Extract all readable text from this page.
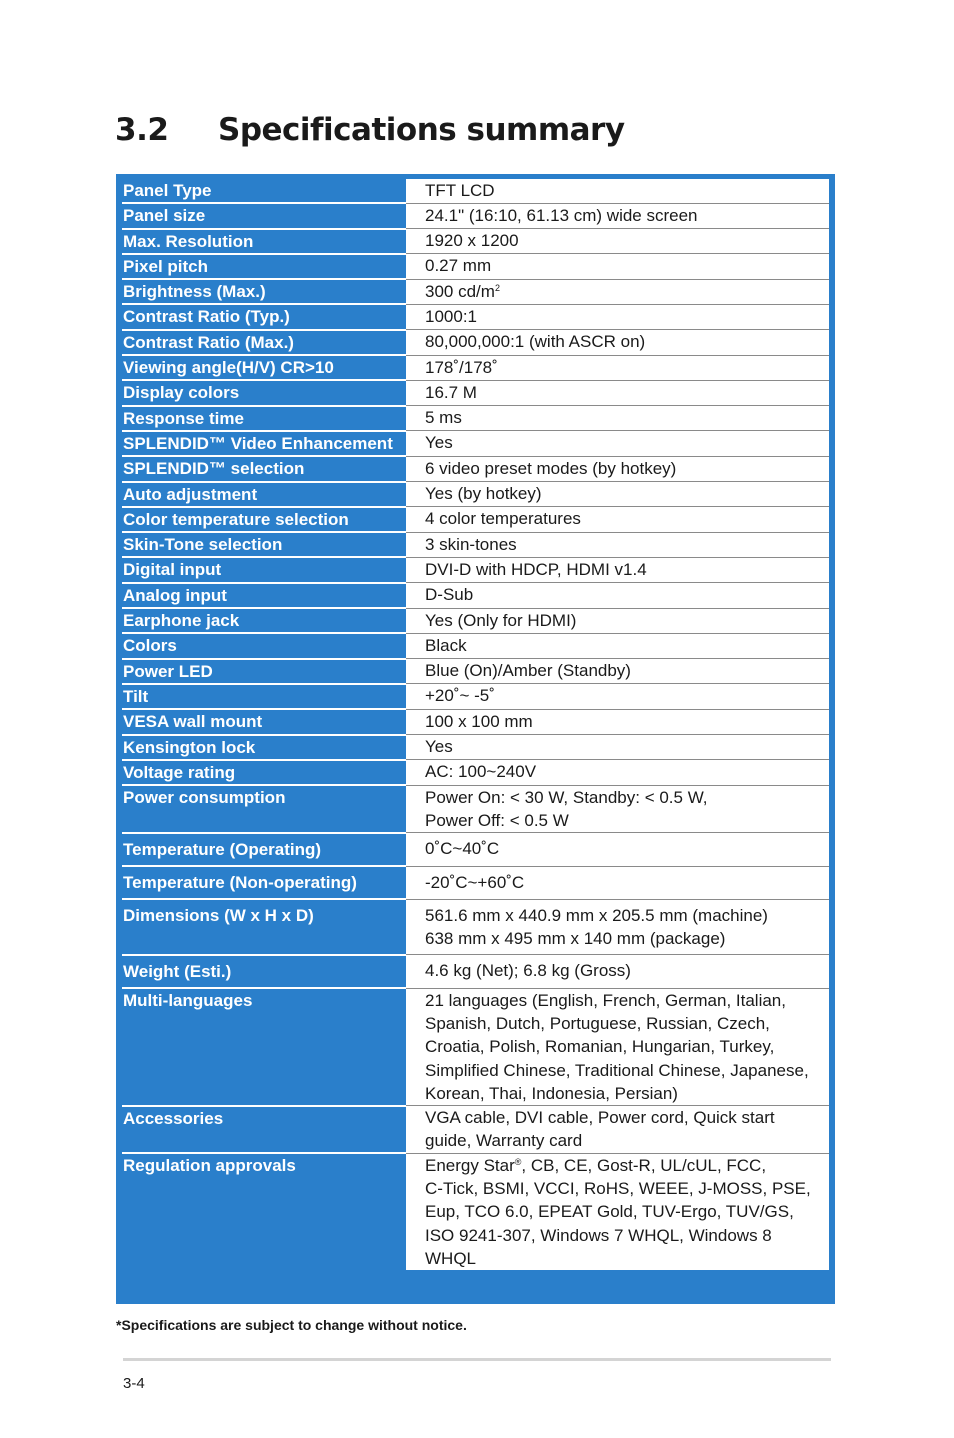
3.2 Specifications summary
Panel Type		TFT LCD
Panel size		24.1" (16:10, 61.13 cm) wide screen
Max. Resolution		1920 x 1200
Pixel pitch		0.27 mm
Brightness (Max.)		300 $cd/m^2$
Contrast Ratio (Typ.)		1000:1
Contrast Ratio (Max.)		80,000,000:1 (with ASCR on)
Viewing angle(H/V) CR>10		178˚/178˚
Display colors		16.7 M
Response time		5 ms
SPLENDID™ Video Enhancement		Yes
SPLENDID™ selection		6 video preset modes (by hotkey)
Auto adjustment		Yes (by hotkey)
Color temperature selection		4 color temperatures
Skin-Tone selection		3 skin-tones
Digital input		DVI-D with HDCP, HDMI v1.4
Analog input		D-Sub
Earphone jack		Yes (Only for HDMI)
Colors		Black
Power LED		Blue (On)/Amber (Standby)
Tilt		+20˚~ -5˚
VESA wall mount		100 x 100 mm
Kensington lock		Yes
Voltage rating		AC: 100~240V
Power consumption		Power On: < 30 W, Standby: < 0.5 W,
Power Off: < 0.5 W
Temperature (Operating)		0˚C~40˚C
Temperature (Non-operating)		-20˚C~+60˚C
Dimensions (W x H x D)		561.6 mm x 440.9 mm x 205.5 mm (machine)
638 mm x 495 mm x 140 mm (package)
Weight (Esti.)		4.6 kg (Net); 6.8 kg (Gross)
Multi-languages		21 languages (English, French, German, Italian,
Spanish, Dutch, Portuguese, Russian, Czech,
Croatia, Polish, Romanian, Hungarian, Turkey,
Simplified Chinese, Traditional Chinese, Japanese,
Korean, Thai, Indonesia, Persian)
Accessories		VGA cable, DVI cable, Power cord, Quick start
guide, Warranty card
Regulation approvals		Energy Star®, CB, CE, Gost-R, UL/cUL, FCC,
C-Tick, BSMI, VCCI, RoHS, WEEE, J-MOSS, PSE,
Eup, TCO 6.0, EPEAT Gold, TUV-Ergo, TUV/GS,
ISO 9241-307, Windows 7 WHQL, Windows 8
WHQL
*Specifications are subject to change without notice.
3-4
